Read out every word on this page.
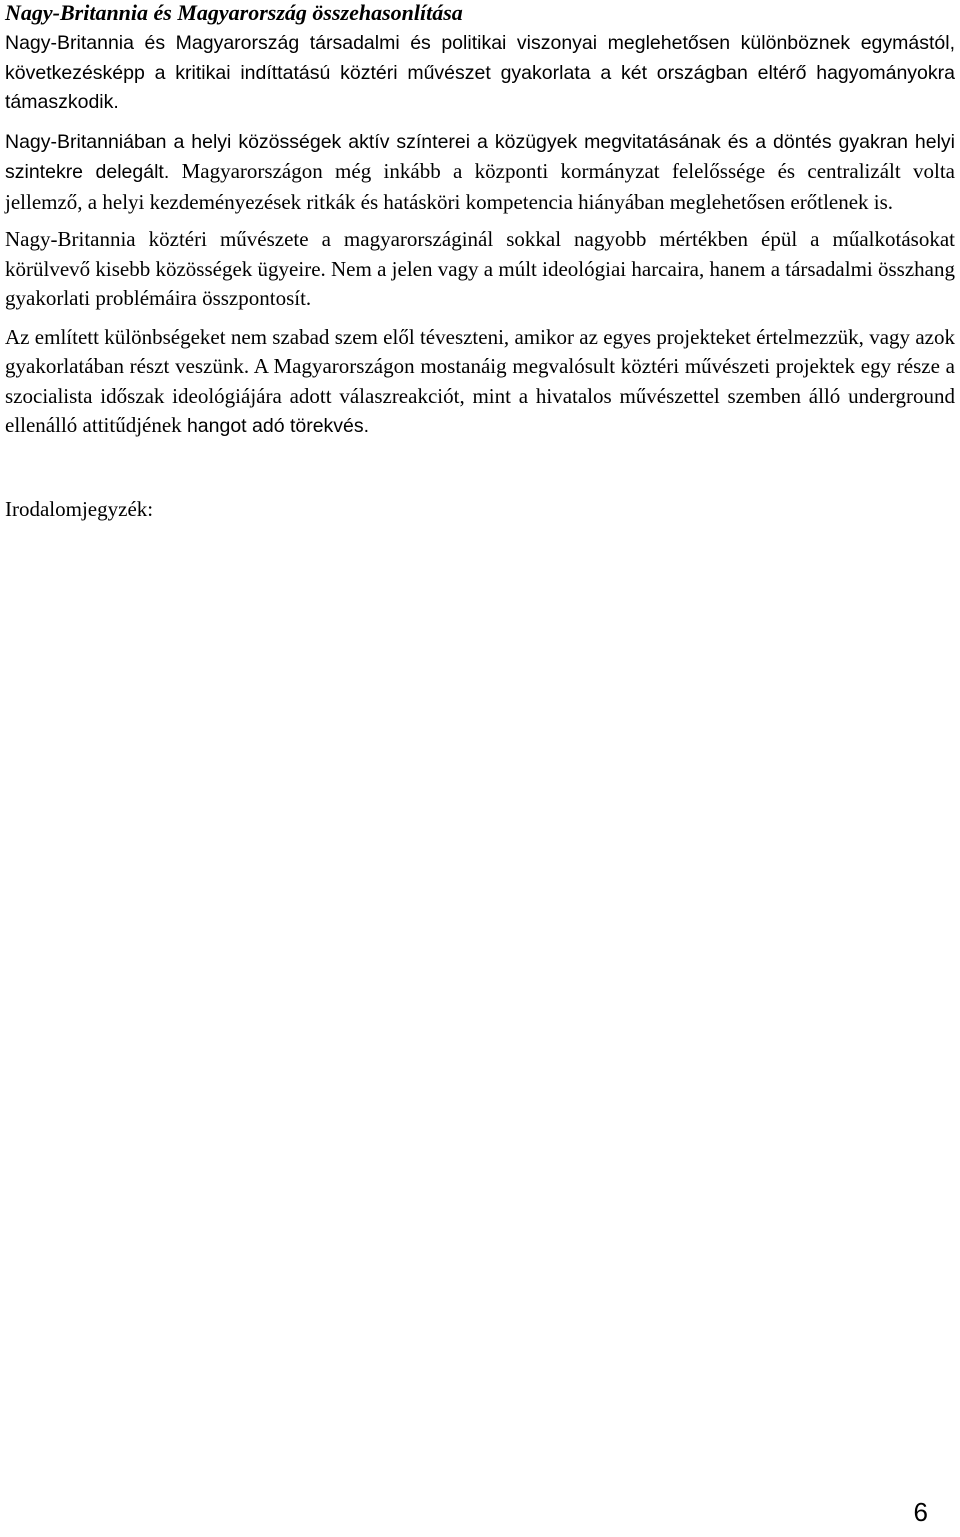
Nagy-Britannia és Magyarország összehasonlítása

Nagy-Britannia és Magyarország társadalmi és politikai viszonyai meglehetősen különböznek egymástól, következésképp a kritikai indíttatású köztéri művészet gyakorlata a két országban eltérő hagyományokra támaszkodik.

Nagy-Britanniában a helyi közösségek aktív színterei a közügyek megvitatásának és a döntés gyakran helyi szintekre delegált. Magyarországon még inkább a központi kormányzat felelőssége és centralizált volta jellemző, a helyi kezdeményezések ritkák és hatásköri kompetencia hiányában meglehetősen erőtlenek is.

Nagy-Britannia köztéri művészete a magyarországinál sokkal nagyobb mértékben épül a műalkotásokat körülvevő kisebb közösségek ügyeire. Nem a jelen vagy a múlt ideológiai harcaira, hanem a társadalmi összhang gyakorlati problémáira összpontosít.

Az említett különbségeket nem szabad szem elől téveszteni, amikor az egyes projekteket értelmezzük, vagy azok gyakorlatában részt veszünk. A Magyarországon mostanáig megvalósult köztéri művészeti projektek egy része a szocialista időszak ideológiájára adott válaszreakciót, mint a hivatalos művészettel szemben álló underground ellenálló attitűdjének hangot adó törekvés.

Irodalomjegyzék:

6
